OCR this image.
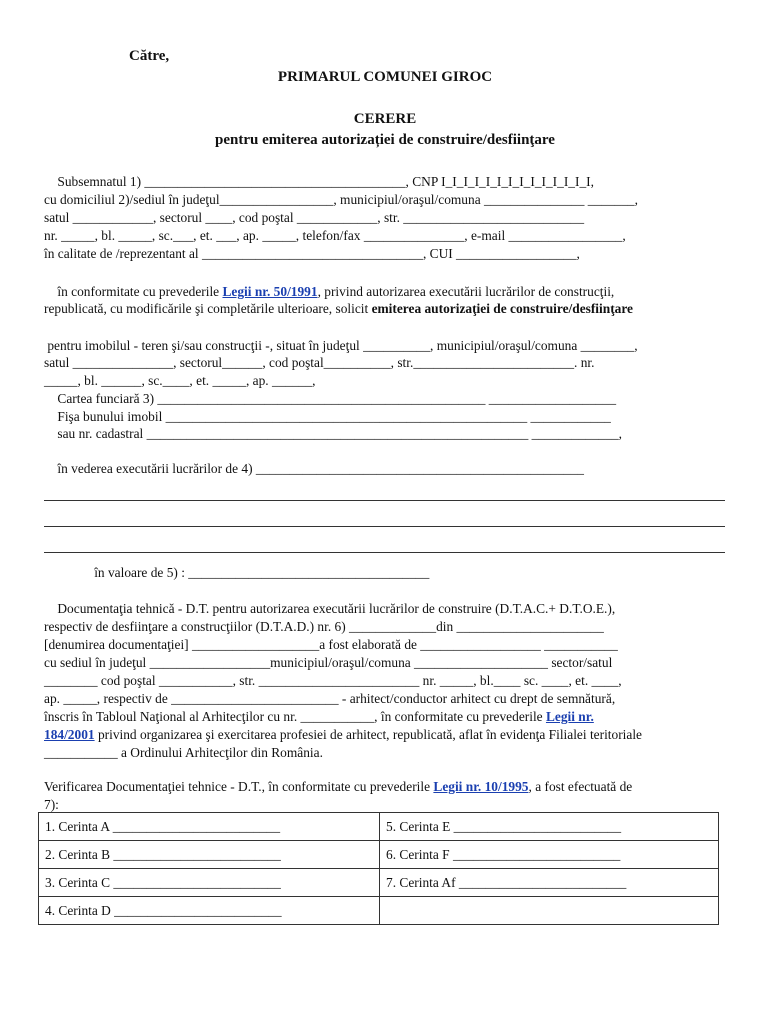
Către,
PRIMARUL COMUNEI GIROC
CERERE
pentru emiterea autorizației de construire/desfiinţare
Subsemnatul 1) _______________________________________, CNP I_I_I_I_I_I_I_I_I_I_I_I_I_I,
cu domiciliul 2)/sediul în judeţul_________________, municipiul/oraşul/comuna _______________ _______,
satul ____________, sectorul ____, cod poştal ____________, str. ___________________________
nr. _____, bl. _____, sc.___, et. ___, ap. _____, telefon/fax _______________, e-mail _________________,
în calitate de /reprezentant al _________________________________, CUI __________________,
în conformitate cu prevederile Legii nr. 50/1991, privind autorizarea executării lucrărilor de construcţii,
republicată, cu modificările şi completările ulterioare, solicit emiterea autorizaţiei de construire/desfiinţare
pentru imobilul - teren şi/sau construcţii -, situat în judeţul __________, municipiul/oraşul/comuna ________,
satul _______________, sectorul______, cod poştal__________, str.________________________. nr.
_____, bl. ______, sc.____, et. _____, ap. ______,
Cartea funciară 3) _________________________________________________ ___________________
Fişa bunului imobil ______________________________________________________ ____________
sau nr. cadastral _________________________________________________________ _____________,
în vederea executării lucrărilor de 4) _________________________________________________
în valoare de 5) : ____________________________________
Documentaţia tehnică - D.T. pentru autorizarea executării lucrărilor de construire (D.T.A.C.+ D.T.O.E.),
respectiv de desfiinţare a construcţiilor (D.T.A.D.) nr. 6) _____________din ______________________
[denumirea documentaţiei] ___________________a fost elaborată de __________________ ___________
cu sediul în judeţul __________________municipiul/oraşul/comuna ____________________ sector/satul
________ cod poştal ___________, str. ________________________ nr. _____, bl.____ sc. ____, et. ____,
ap. _____, respectiv de _________________________ - arhitect/conductor arhitect cu drept de semnătură,
înscris în Tabloul Naţional al Arhitecţilor cu nr. ___________, în conformitate cu prevederile Legii nr.
184/2001 privind organizarea şi exercitarea profesiei de arhitect, republicată, aflat în evidenţa Filialei teritoriale
___________ a Ordinului Arhitecţilor din România.
Verificarea Documentaţiei tehnice - D.T., în conformitate cu prevederile Legii nr. 10/1995, a fost efectuată de
7):
1. Cerinta A _________________________	5. Cerinta E _________________________
2. Cerinta B _________________________	6. Cerinta F _________________________
3. Cerinta C _________________________	7. Cerinta Af _________________________
4. Cerinta D _________________________	
